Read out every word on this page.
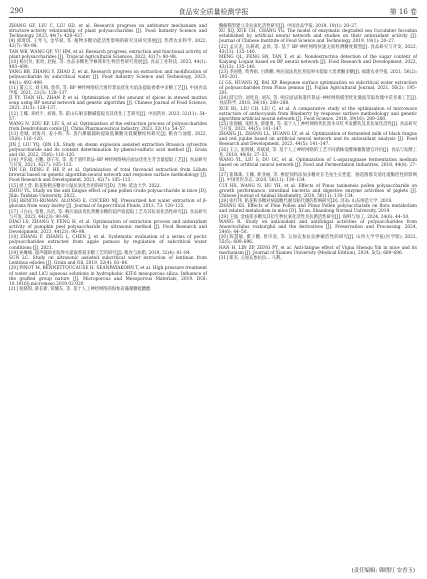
290	食品安全质量检测学报	第 16 卷

ZHANG GF, LIU C, LIU GD, et al. Research progress on antitumor mechanism and structure-activity relationship of plant polysaccharides [J]. Food Industry Science and Technology, 2023, 44(7): 428–437.

[9] 谭琦琪, 王琴飞, 金华斌, 等. 植物多糖功能活性影响的研究及研究进展[J]. 热带农业科学, 2022, 42(7): 90–98.

TAN WB, WANG QF, YU HM, et al. Research progress, extraction and functional activity of plant polysaccharides [J]. Tropical Agricultural Sciences, 2022, 42(7): 90–98.

[10] 杨贝贝, 张欣, 赵振, 等. 食品多糖化学修饰和生物活性研究进展[J]. 食品工业科技, 2023, 44(1): 493–499.

YANG BB, ZHANG Y, ZHAO Z, et al. Research progress on extraction and modification of polysaccharide by subcritical water [J]. Food Industry Science and Technology, 2023, 44(1): 493–499.

[11] 董云云, 刘玉梅, 詹伟, 等. BP 神经网络结合遗传算法优化火焰法提取香菜中多糖工艺[J]. 中国食品学报, 2021, 21(3): 128–137.

JI YY, TIAN HL, ZHAN P, et al. Optimization of the amount of spices in stewed mutton soup using BP neural network and genetic algorithm [J]. Chinese Journal of Food Science, 2021, 21(3): 128–137.

[12] 王娜, 邓经宇, 刘锦, 等. 霍山石斛多糖碱提取及其优化工艺研究[J]. 中国药业, 2023, 32(11): 54–57.

WANG N, ZOU KP, LIU S, et al. Optimization of the extraction process of polysaccharides from Dendrobium comis [J]. China Pharmaceutical Industry, 2023, 32(11): 54–57.

[13] 金城, 刘海舟, 姜小昀, 等. 蒸汽爆破辅助提取低聚糖及低聚糖结构研究[J]. 粮食与油脂, 2022, 35(6): 116–120.

JIN J, LIU YQ, QIN LX. Study on steam explosion assisted extraction Brassica sylvestris polysaccharide and its content determination by phenol-sulfuric acid method [J]. Grain and Oil, 2022, 35(6): 116–120.

[14] 尹乐斌, 毛鹏, 刘子军, 等. 基于遗传算法–BP 神经网络响应面法优化生苷含量提取工艺[J]. 食品研究与开发, 2021, 42(7): 105–113.

YIN LB, DENG F, HE P, et al. Optimization of total flavonoid extraction from Lilium brownii based on genetic algorithm-neural network and response surface methodology [J]. Food Research and Development, 2021, 42(7): 105–113.

[15] 周士萱. 粘花粉粗多糖对小鼠抗氧化作用的研究[D]. 吉林: 延边大学, 2022.

ZHOU YL. Study on the anti fatigue effect of pine pollen crude polysaccharide in mice [D]. Jilin: Yanbian University, 2022.

[16] BENITO-ROMAN, ALONSO E, COCERO MJ. Pressurized hot water extraction of β-glucans from waxy barley [J]. Journal of Supercritical Fluids, 2013, 73: 120–125.

[17] 刁白山, 张艳, 冯浩, 等. 响应面法优化黄精多糖的超声波提取工艺及其抗氧化活性研究[J]. 食品研究与开发, 2023, 44(23): 90–98.

DIAO LS, ZHANG Y, FENG H, et al. Optimization of extraction process and antioxidant activity of pumpkin peel polysaccharide by ultrasonic method [J]. Food Research and Development, 2023, 44(23): 90–98.

[18] ZHANG F, ZHANG L, CHEN J, et al. Systematic evaluation of a series of pectic polysaccharides extracted from apple pomace by regulation of subcritical water conditions [J]. 2021.

[19] 孙琳瑜. 超声辅助亚临界水提取香菇多糖工艺的研究[J]. 粮食与油脂, 2019, 32(4): 81–84.

SUN LC. Study on ultrasonic assisted subcritical water extraction of lentinan from Lentinus edodes [J]. Grain and Oil, 2019, 32(4): 81–84.

[20] PINOT M, BENNETTOUCAUSE H, SEANPAYAKORN T, et al. High pressure treatment of water and LiCl aqueous solutions in hydrophobic KIT-6 mesoporous silica: Influence of the grafted group nature [J]. Microporous and Mesoporous Materials, 2019. DOI: 10.1016/j.micromeso.2019.02.020

[21] 张晓琪, 薛长新, 常耀东, 等. 基于人工神经网络的海参岩藻聚糖硫酸酯

酶解模型建立及抗氧化活性研究[J]. 中国食品学报, 2019, 19(1): 20–27.

XU XQ, XUE CH, CHANG YG. The model of enzymatic degraded sea Cucumber fucoidan established by artificial neural network and studies on their antioxidant activity [J]. Journal of Chinese Institute of Food Science and Technology, 2019, 19(1): 20–27.

[22] 孟庆龙, 冯莉莉, 孟欣, 等. 基于 BP 神经网络快速无损检测糖度模型[J]. 食品研究与开发, 2022, 43(13): 135–140.

MENG QL, FENG SN, TAN T, et al. Nondestructive detection of the sugar content of Kaiyang Loquat based on BP neural network [J]. Food Research and Development, 2022, 43(13): 135–140.

[23] 李国胜, 黄秀娟, 白新鹏. 响应面法优化亚临界水提取大麦黄酮多糖[J]. 福建农业学报, 2021, 56(2): 195–201.

LI GS, HUANG XJ, BAI XP. Response surface optimization on subcritical water extraction of polysaccharides from Pinus pennus [J]. Fujian Agricultural Journal, 2021, 56(2): 195–201.

[24] 薛宝玲, 刘兆良, 刘东, 等. 响应面法和遗传算法–神经网络模型优化微波萃取玫瑰中花青素工艺[J]. 食品科学, 2018, 39(16): 280–288.

XUE BL, LIU CH, LIU C, et al. A comparative study of the optimization of microwave extraction of anthocyanin from Blueberry by response surface methodology and genetic algorithm-artificial neural network [J]. Food Science, 2018, 39(16): 280–288.

[25] 张润楠, 张胜龙, 蔡建勇, 等. 基于人工神经网络优化黑木耳红枣发酵乳及其抗氧化活性[J]. 食品研究与开发, 2023, 44(5): 141–147.

ZHANG JL, ZHANG LL, HUANG LY, et al. Optimization of fermented milk of black fungus and red jujube based on artificial neural network and its antioxidant analysis [J]. Food Research and Development, 2023, 44(5): 141–147.

[26] 王云, 张明城, 邓斌斌, 等. 基于人工神经网络的工艺不同菌株发酵辣椒酱感官评价[J]. 食品与发酵工业, 2018, 44(8): 27–33.

WANG YL, LIU S, DU GC, et al. Optimization of L-asparaginase fermentation medium based on artificial neural network [J]. Food and Fermentation Industries, 2018, 44(8): 27–33.

[27] 崔珠珠, 王娜, 师亚丽, 等. 掺混饲料添加多糖对长毛兔生长性能、肠道菌群及消化道酶活性的影响[J]. 中国兽医杂志, 2020, 56(11): 130–134.

CUI HX, WANG N, HU YH, et al. Effects of Pinus taxinensis pollen polysaccharide on growth performance, intestinal bacteria and digestive enzyme activities of piglets [J]. Chinese Journal of Animal Husbandry, 2020, 56(11): 130–134.

[28] 张红伟. 粘花粉多糖对病鼠糖代谢及粘代谢的影响研究[D]. 济南: 山东师范大学, 2019.

ZHANG KS. Effects of Pine Pollen and Pinus Pollen polysaccharide on flora metabolism and related metabolism in mice [D]. Xi'an: Shandong Normal University, 2019.

[29] 王强. 金线莲多糖及其衍生物抗氧化活性及抗菌活性研究[J]. 保鲜与加工, 2024, 24(6): 44–50.

WANG R. Study on antioxidant and antifungal activities of polysaccharides from Anoectochilus roxburghii and the derivatives [J]. Preservation and Processing, 2024, 24(6): 44–50.

[30] 陈慧敏, 瞿子鹏, 曾序姿, 等. 五加玄参抗抗肿瘤活性的研究[J]. 山西大学学报(医学版), 2022, 55(5): 689–696.

HAN H, LIN ZP, ZENG PY, et al. Anti-fatigue effect of Vigna Shenqu Yin in mice and its mechanism [J]. Journal of Xiamen University (Medical Edition), 2024, 5(5): 689–696.

[31] 郑杰. 五加玄参抗抗... 马利。

(责任编辑: 韩晓红 安香玉)
